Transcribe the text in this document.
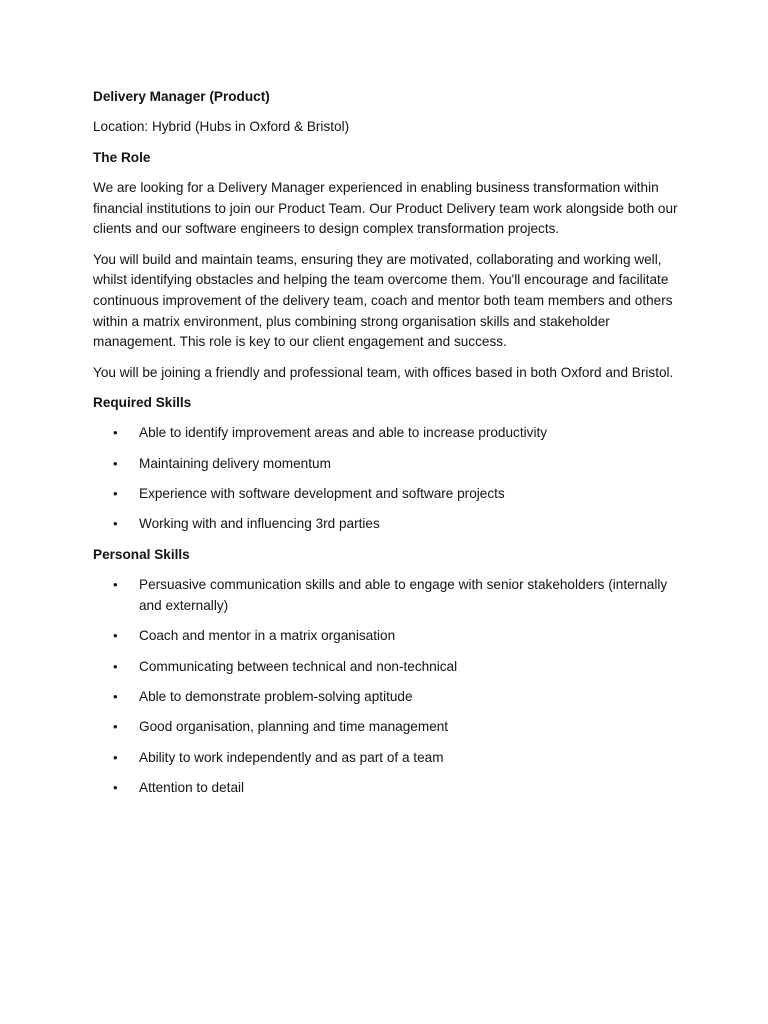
Delivery Manager (Product)

Location: Hybrid (Hubs in Oxford & Bristol)

The Role

We are looking for a Delivery Manager experienced in enabling business transformation within financial institutions to join our Product Team. Our Product Delivery team work alongside both our clients and our software engineers to design complex transformation projects.

You will build and maintain teams, ensuring they are motivated, collaborating and working well, whilst identifying obstacles and helping the team overcome them. You'll encourage and facilitate continuous improvement of the delivery team, coach and mentor both team members and others within a matrix environment, plus combining strong organisation skills and stakeholder management. This role is key to our client engagement and success.

You will be joining a friendly and professional team, with offices based in both Oxford and Bristol.

Required Skills

• Able to identify improvement areas and able to increase productivity
• Maintaining delivery momentum
• Experience with software development and software projects
• Working with and influencing 3rd parties

Personal Skills

• Persuasive communication skills and able to engage with senior stakeholders (internally and externally)
• Coach and mentor in a matrix organisation
• Communicating between technical and non-technical
• Able to demonstrate problem-solving aptitude
• Good organisation, planning and time management
• Ability to work independently and as part of a team
• Attention to detail
